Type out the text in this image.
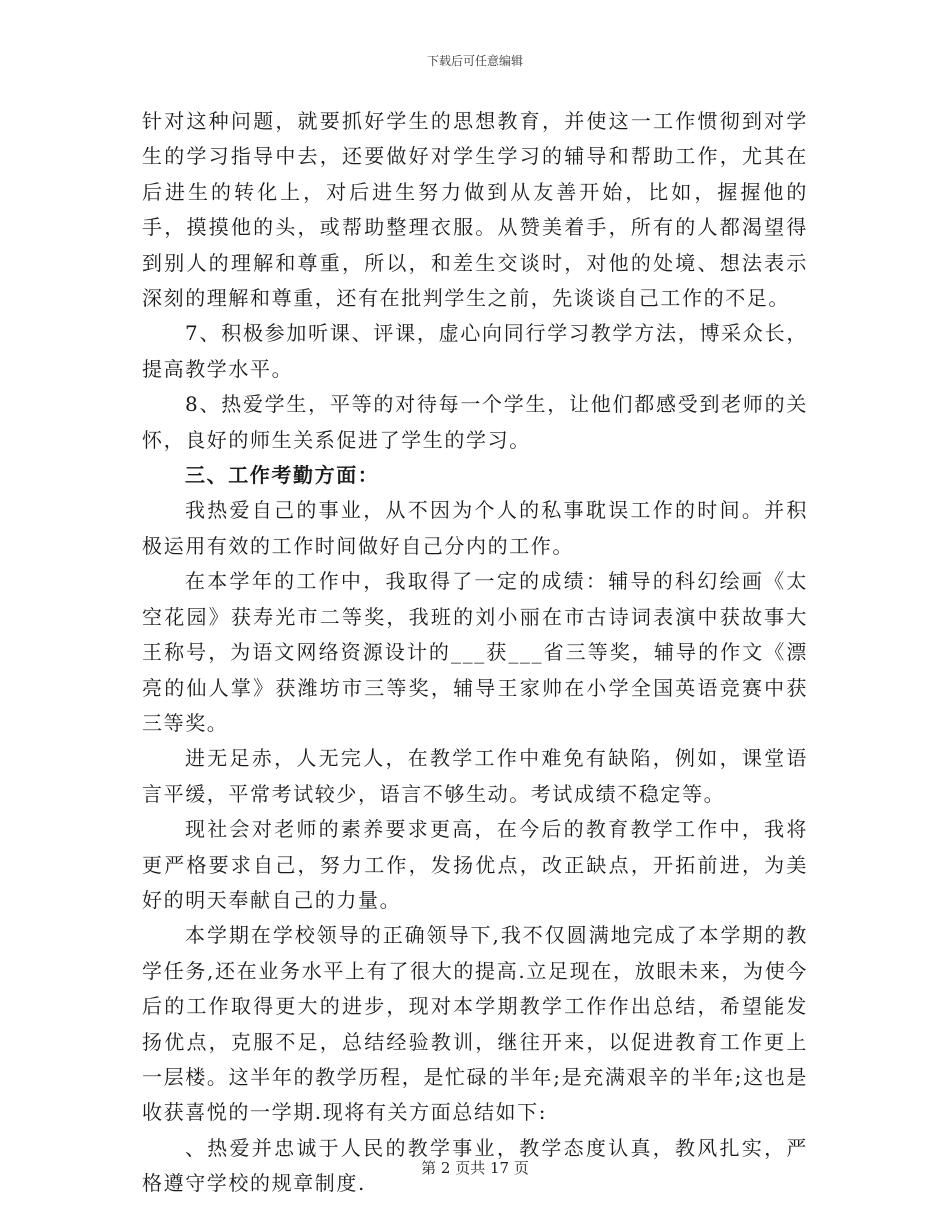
下载后可任意编辑

针对这种问题，就要抓好学生的思想教育，并使这一工作惯彻到对学生的学习指导中去，还要做好对学生学习的辅导和帮助工作，尤其在后进生的转化上，对后进生努力做到从友善开始，比如，握握他的手，摸摸他的头，或帮助整理衣服。从赞美着手，所有的人都渴望得到别人的理解和尊重，所以，和差生交谈时，对他的处境、想法表示深刻的理解和尊重，还有在批判学生之前，先谈谈自己工作的不足。

7、积极参加听课、评课，虚心向同行学习教学方法，博采众长，提高教学水平。

8、热爱学生，平等的对待每一个学生，让他们都感受到老师的关怀，良好的师生关系促进了学生的学习。

三、工作考勤方面：

我热爱自己的事业，从不因为个人的私事耽误工作的时间。并积极运用有效的工作时间做好自己分内的工作。

在本学年的工作中，我取得了一定的成绩：辅导的科幻绘画《太空花园》获寿光市二等奖，我班的刘小丽在市古诗词表演中获故事大王称号，为语文网络资源设计的___获___省三等奖，辅导的作文《漂亮的仙人掌》获潍坊市三等奖，辅导王家帅在小学全国英语竞赛中获三等奖。

进无足赤，人无完人，在教学工作中难免有缺陷，例如，课堂语言平缓，平常考试较少，语言不够生动。考试成绩不稳定等。

现社会对老师的素养要求更高，在今后的教育教学工作中，我将更严格要求自己，努力工作，发扬优点，改正缺点，开拓前进，为美好的明天奉献自己的力量。

本学期在学校领导的正确领导下,我不仅圆满地完成了本学期的教学任务,还在业务水平上有了很大的提高.立足现在，放眼未来，为使今后的工作取得更大的进步，现对本学期教学工作作出总结，希望能发扬优点，克服不足，总结经验教训，继往开来，以促进教育工作更上一层楼。这半年的教学历程，是忙碌的半年;是充满艰辛的半年;这也是收获喜悦的一学期.现将有关方面总结如下:

、热爱并忠诚于人民的教学事业，教学态度认真，教风扎实，严格遵守学校的规章制度.

第 2 页共 17 页
